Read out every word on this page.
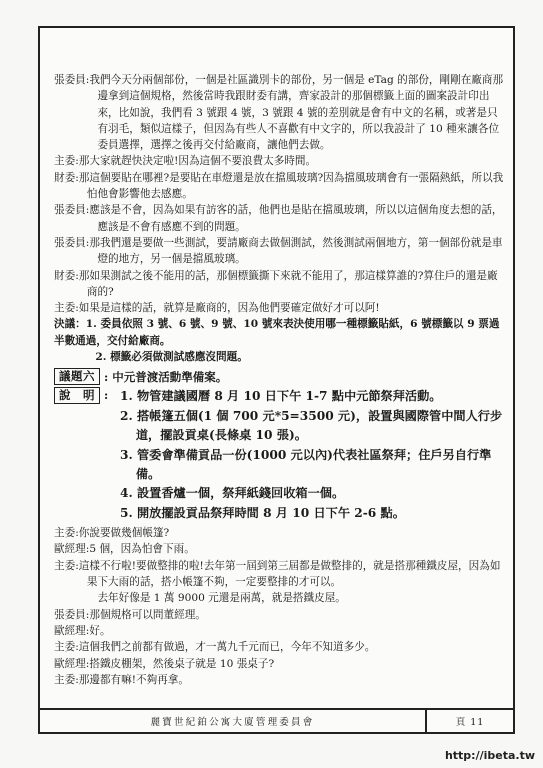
張委員:我們今天分兩個部份，一個是社區識別卡的部份，另一個是 eTag 的部份，剛剛在廠商那邊拿到這個規格，然後當時我跟財委有講，齊家設計的那個標籤上面的圖案設計印出來，比如說，我們看 3 號跟 4 號，3 號跟 4 號的差別就是會有中文的名稱，或著是只有羽毛，類似這樣子，但因為有些人不喜歡有中文字的，所以我設計了 10 種來讓各位委員選擇，選擇之後再交付給廠商，讓他們去做。

主委:那大家就趕快決定啦!因為這個不要浪費太多時間。

財委:那這個要貼在哪裡?是要貼在車燈還是放在擋風玻璃?因為擋風玻璃會有一張隔熱紙，所以我怕他會影響他去感應。

張委員:應該是不會，因為如果有訪客的話，他們也是貼在擋風玻璃，所以以這個角度去想的話，應該是不會有感應不到的問題。

張委員:那我們還是要做一些測試，要請廠商去做個測試，然後測試兩個地方，第一個部份就是車燈的地方，另一個是擋風玻璃。

財委:那如果測試之後不能用的話，那個標籤撕下來就不能用了，那這樣算誰的?算住戶的還是廠商的?

主委:如果是這樣的話，就算是廠商的，因為他們要確定做好才可以阿!

決議：1. 委員依照 3 號、6 號、9 號、10 號來表決使用哪一種標籤貼紙，6 號標籤以 9 票過半數通過，交付給廠商。

2. 標籤必須做測試感應沒問題。

議題六 : 中元普渡活動準備案。
說　明 : 1. 物管建議國曆 8 月 10 日下午 1-7 點中元節祭拜活動。

2. 搭帳篷五個(1 個 700 元*5=3500 元)，設置與國際管中間人行步道，擺設貢桌(長條桌 10 張)。

3. 管委會準備貢品一份(1000 元以內)代表社區祭拜；住戶另自行準備。

4. 設置香爐一個，祭拜紙錢回收箱一個。

5. 開放擺設貢品祭拜時間 8 月 10 日下午 2-6 點。

主委:你說要做幾個帳篷?

歐經理:5 個，因為怕會下雨。

主委:這樣不行啦!要做整排的啦!去年第一屆到第三屆都是做整排的，就是搭那種鐵皮屋，因為如果下大雨的話，搭小帳篷不夠，一定要整排的才可以。

去年好像是 1 萬 9000 元還是兩萬，就是搭鐵皮屋。

張委員:那個規格可以問董經理。

歐經理:好。

主委:這個我們之前都有做過，才一萬九千元而已，今年不知道多少。

歐經理:搭鐵皮棚架，然後桌子就是 10 張桌子?

主委:那邊都有嘛!不夠再拿。

麗寶世紀鉑公寓大廈管理委員會	頁 11
http://ibeta.tw
